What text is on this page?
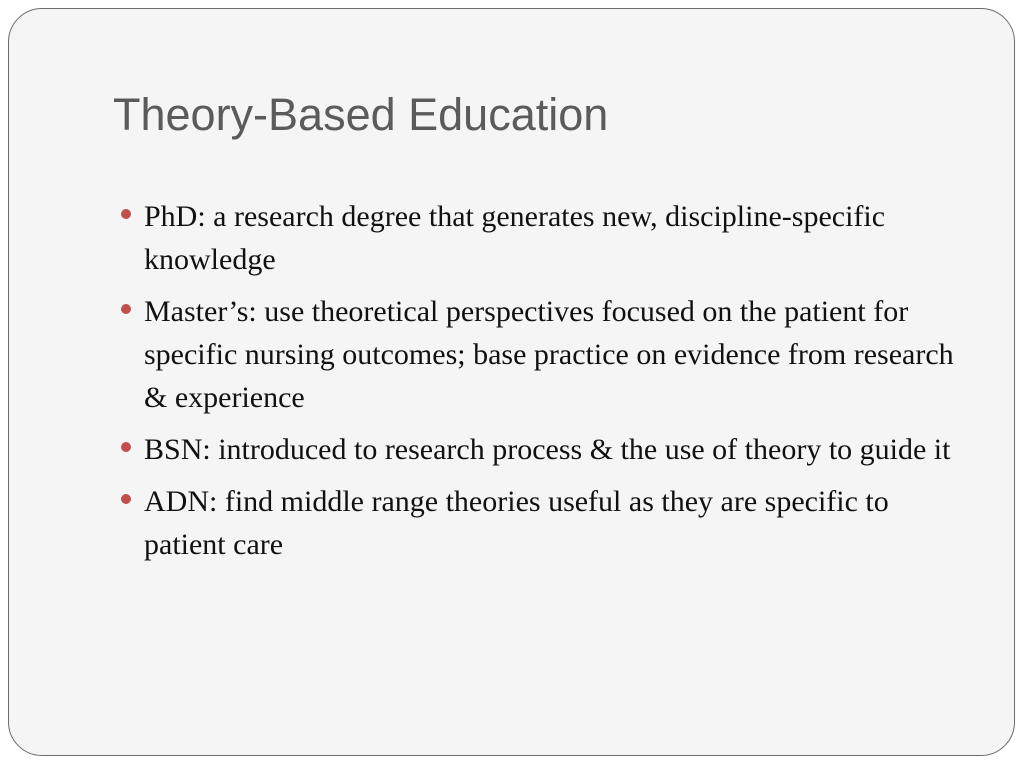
Theory-Based Education
PhD: a research degree that generates new, discipline-specific knowledge
Master’s: use theoretical perspectives focused on the patient for specific nursing outcomes; base practice on evidence from research & experience
BSN: introduced to research process & the use of theory to guide it
ADN: find middle range theories useful as they are specific to patient care
